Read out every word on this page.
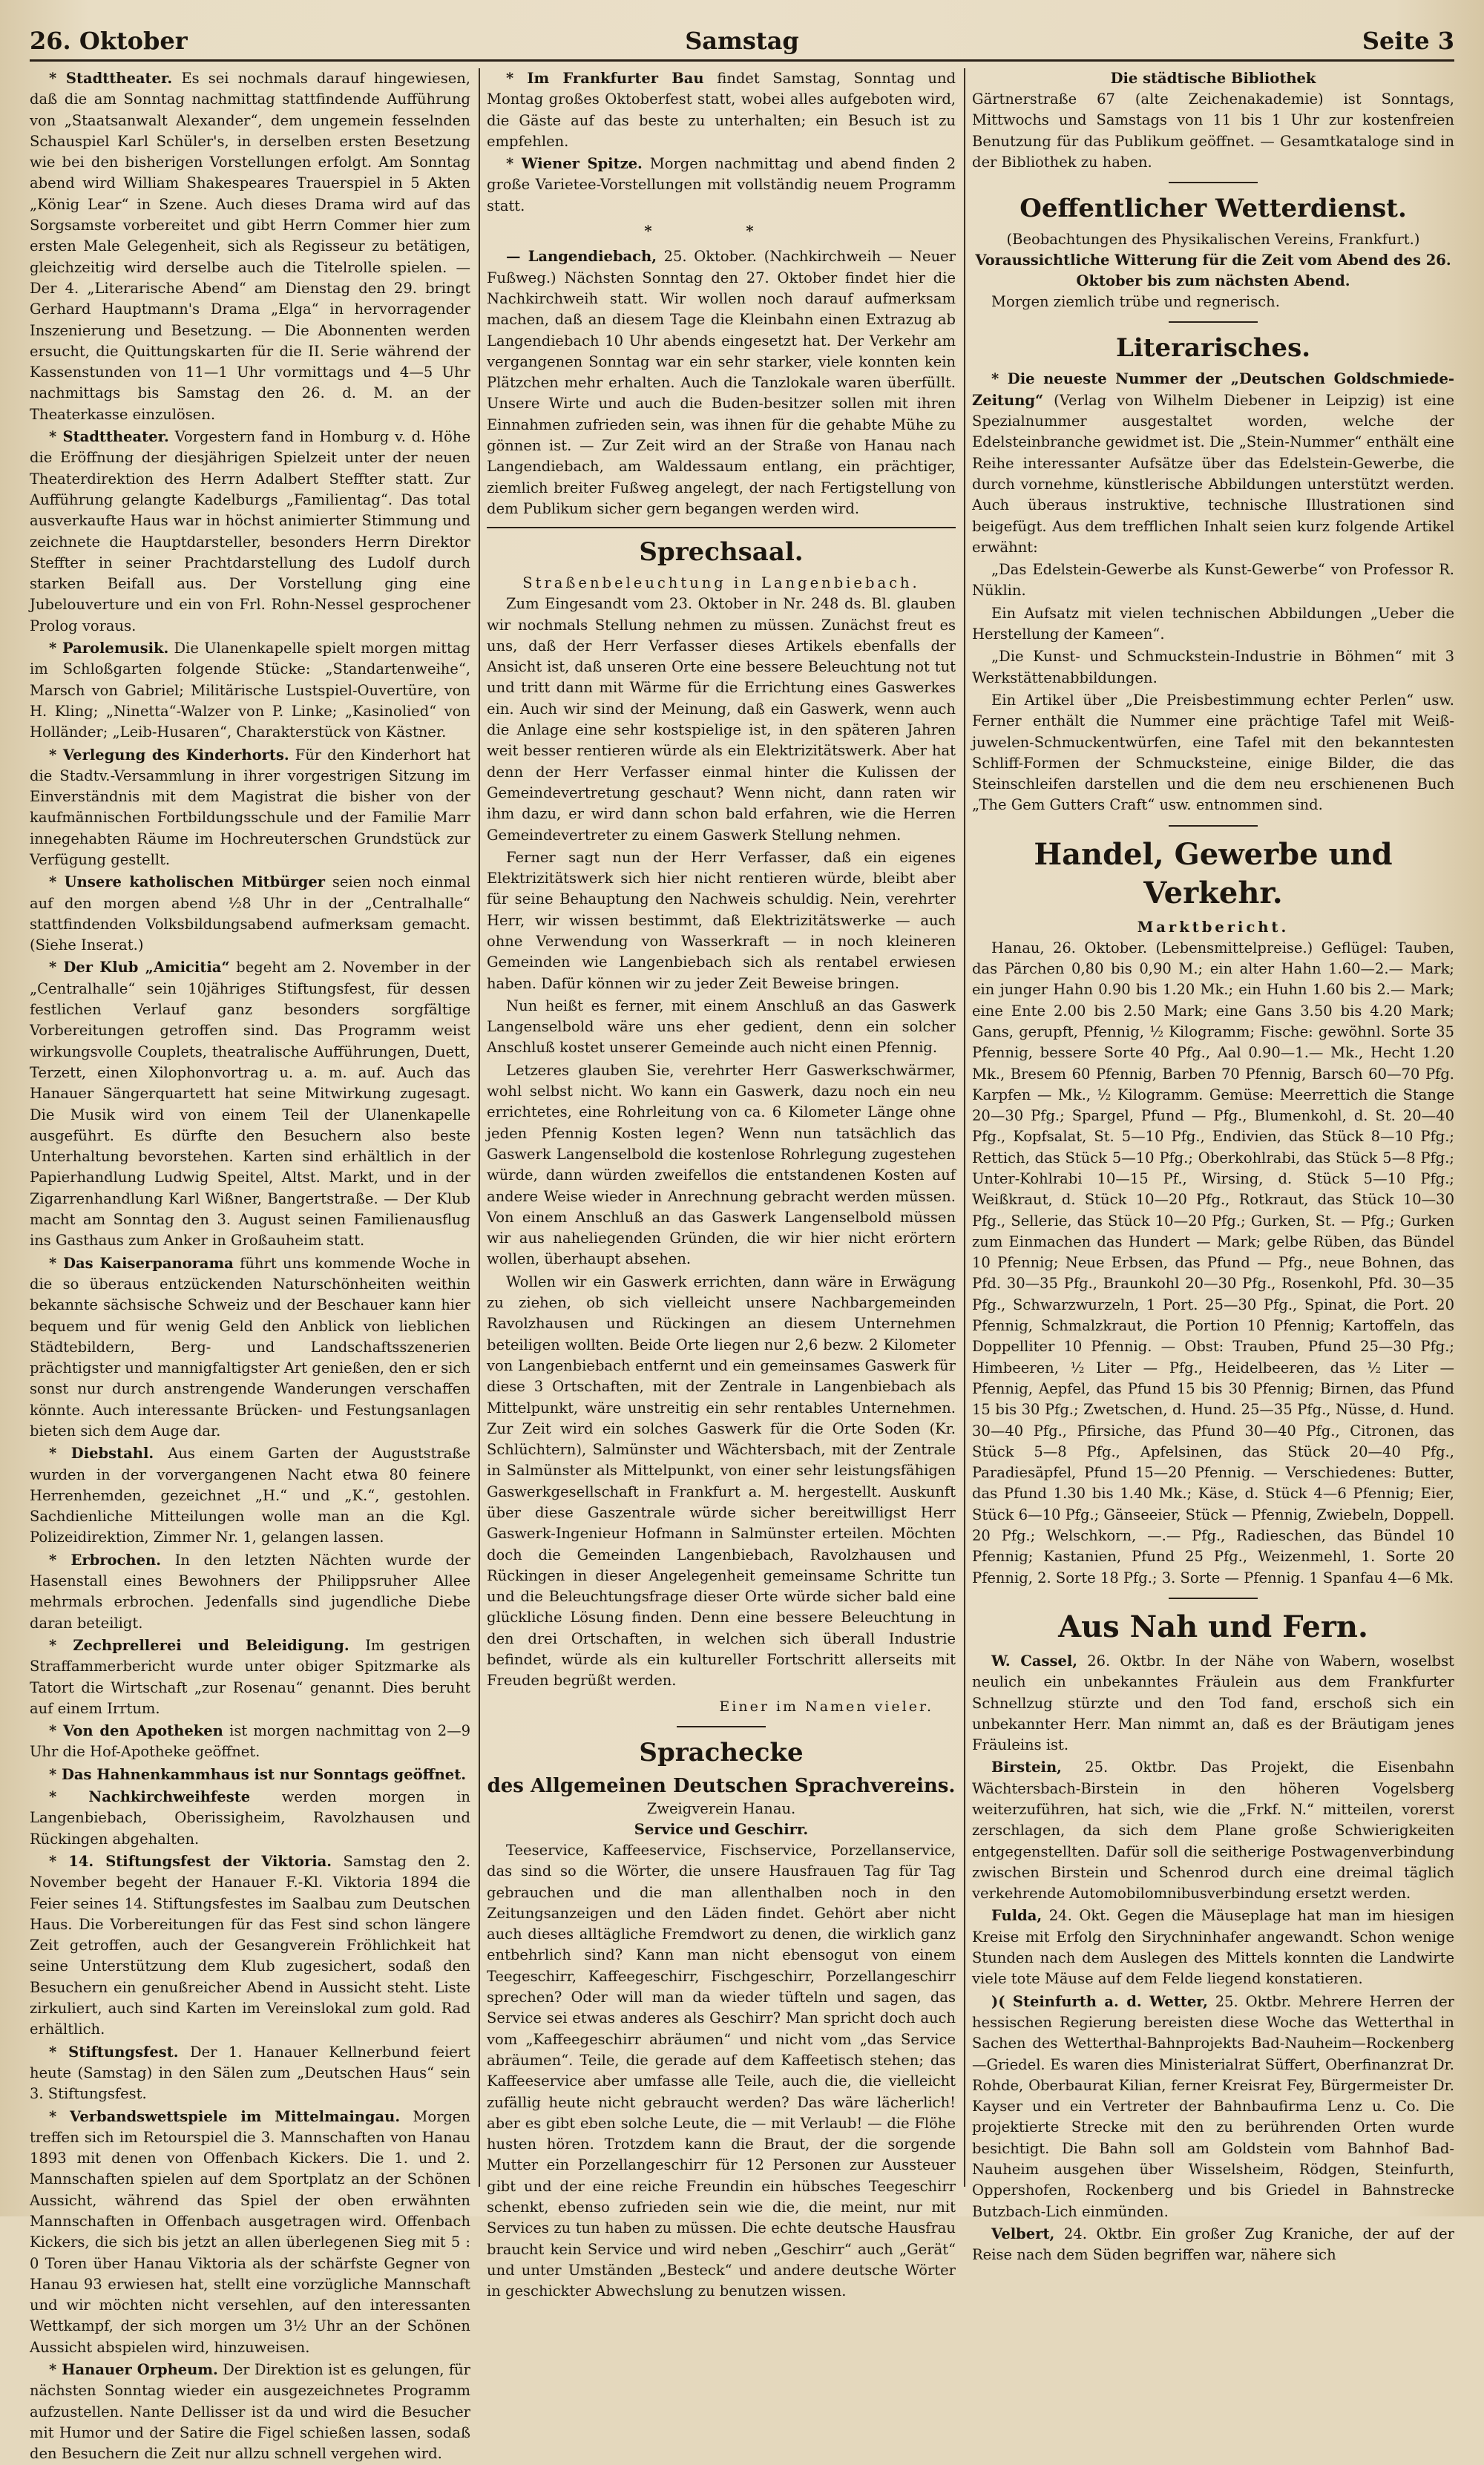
26. Oktober	Samstag	Seite 3

* Stadttheater. Es sei nochmals darauf hingewiesen, daß die am Sonntag nachmittag stattfindende Aufführung von „Staatsanwalt Alexander“, dem ungemein fesselnden Schauspiel Karl Schüler's, in derselben ersten Besetzung wie bei den bisherigen Vorstellungen erfolgt. Am Sonntag abend wird William Shakespeares Trauerspiel in 5 Akten „König Lear“ in Szene. Auch dieses Drama wird auf das Sorgsamste vorbereitet und gibt Herrn Commer hier zum ersten Male Gelegenheit, sich als Regisseur zu betätigen, gleichzeitig wird derselbe auch die Titelrolle spielen. — Der 4. „Literarische Abend“ am Dienstag den 29. bringt Gerhard Hauptmann's Drama „Elga“ in hervorragender Inszenierung und Besetzung. — Die Abonnenten werden ersucht, die Quittungskarten für die II. Serie während der Kassenstunden von 11—1 Uhr vormittags und 4—5 Uhr nachmittags bis Samstag den 26. d. M. an der Theaterkasse einzulösen.

* Stadttheater. Vorgestern fand in Homburg v. d. Höhe die Eröffnung der diesjährigen Spielzeit unter der neuen Theaterdirektion des Herrn Adalbert Steffter statt. Zur Aufführung gelangte Kadelburgs „Familientag“. Das total ausverkaufte Haus war in höchst animierter Stimmung und zeichnete die Hauptdarsteller, besonders Herrn Direktor Steffter in seiner Prachtdarstellung des Ludolf durch starken Beifall aus. Der Vorstellung ging eine Jubelouverture und ein von Frl. Rohn-Nessel gesprochener Prolog voraus.

* Parolemusik. Die Ulanenkapelle spielt morgen mittag im Schloßgarten folgende Stücke: „Standartenweihe“, Marsch von Gabriel; Militärische Lustspiel-Ouvertüre, von H. Kling; „Ninetta“-Walzer von P. Linke; „Kasinolied“ von Holländer; „Leib-Husaren“, Charakterstück von Kästner.

* Verlegung des Kinderhorts. Für den Kinderhort hat die Stadtv.-Versammlung in ihrer vorgestrigen Sitzung im Einverständnis mit dem Magistrat die bisher von der kaufmännischen Fortbildungsschule und der Familie Marr innegehabten Räume im Hochreuterschen Grundstück zur Verfügung gestellt.

* Unsere katholischen Mitbürger seien noch einmal auf den morgen abend ½8 Uhr in der „Centralhalle“ stattfindenden Volksbildungsabend aufmerksam gemacht. (Siehe Inserat.)

* Der Klub „Amicitia“ begeht am 2. November in der „Centralhalle“ sein 10jähriges Stiftungsfest, für dessen festlichen Verlauf ganz besonders sorgfältige Vorbereitungen getroffen sind. Das Programm weist wirkungsvolle Couplets, theatralische Aufführungen, Duett, Terzett, einen Xilophonvortrag u. a. m. auf. Auch das Hanauer Sängerquartett hat seine Mitwirkung zugesagt. Die Musik wird von einem Teil der Ulanenkapelle ausgeführt. Es dürfte den Besuchern also beste Unterhaltung bevorstehen. Karten sind erhältlich in der Papierhandlung Ludwig Speitel, Altst. Markt, und in der Zigarrenhandlung Karl Wißner, Bangertstraße. — Der Klub macht am Sonntag den 3. August seinen Familienausflug ins Gasthaus zum Anker in Großauheim statt.

* Das Kaiserpanorama führt uns kommende Woche in die so überaus entzückenden Naturschönheiten weithin bekannte sächsische Schweiz und der Beschauer kann hier bequem und für wenig Geld den Anblick von lieblichen Städtebildern, Berg- und Landschaftsszenerien prächtigster und mannigfaltigster Art genießen, den er sich sonst nur durch anstrengende Wanderungen verschaffen könnte. Auch interessante Brücken- und Festungsanlagen bieten sich dem Auge dar.

* Diebstahl. Aus einem Garten der Auguststraße wurden in der vorvergangenen Nacht etwa 80 feinere Herrenhemden, gezeichnet „H.“ und „K.“, gestohlen. Sachdienliche Mitteilungen wolle man an die Kgl. Polizeidirektion, Zimmer Nr. 1, gelangen lassen.

* Erbrochen. In den letzten Nächten wurde der Hasenstall eines Bewohners der Philippsruher Allee mehrmals erbrochen. Jedenfalls sind jugendliche Diebe daran beteiligt.

* Zechprellerei und Beleidigung. Im gestrigen Straffammerbericht wurde unter obiger Spitzmarke als Tatort die Wirtschaft „zur Rosenau“ genannt. Dies beruht auf einem Irrtum.

* Von den Apotheken ist morgen nachmittag von 2—9 Uhr die Hof-Apotheke geöffnet.

* Das Hahnenkammhaus ist nur Sonntags geöffnet.

* Nachkirchweihfeste werden morgen in Langenbiebach, Oberissigheim, Ravolzhausen und Rückingen abgehalten.

* 14. Stiftungsfest der Viktoria. Samstag den 2. November begeht der Hanauer F.-Kl. Viktoria 1894 die Feier seines 14. Stiftungsfestes im Saalbau zum Deutschen Haus. Die Vorbereitungen für das Fest sind schon längere Zeit getroffen, auch der Gesangverein Fröhlichkeit hat seine Unterstützung dem Klub zugesichert, sodaß den Besuchern ein genußreicher Abend in Aussicht steht. Liste zirkuliert, auch sind Karten im Vereinslokal zum gold. Rad erhältlich.

* Stiftungsfest. Der 1. Hanauer Kellnerbund feiert heute (Samstag) in den Sälen zum „Deutschen Haus“ sein 3. Stiftungsfest.

* Verbandswettspiele im Mittelmaingau. Morgen treffen sich im Retourspiel die 3. Mannschaften von Hanau 1893 mit denen von Offenbach Kickers. Die 1. und 2. Mannschaften spielen auf dem Sportplatz an der Schönen Aussicht, während das Spiel der oben erwähnten Mannschaften in Offenbach ausgetragen wird. Offenbach Kickers, die sich bis jetzt an allen überlegenen Sieg mit 5 : 0 Toren über Hanau Viktoria als der schärfste Gegner von Hanau 93 erwiesen hat, stellt eine vorzügliche Mannschaft und wir möchten nicht versehlen, auf den interessanten Wettkampf, der sich morgen um 3½ Uhr an der Schönen Aussicht abspielen wird, hinzuweisen.

* Hanauer Orpheum. Der Direktion ist es gelungen, für nächsten Sonntag wieder ein ausgezeichnetes Programm aufzustellen. Nante Dellisser ist da und wird die Besucher mit Humor und der Satire die Figel schießen lassen, sodaß den Besuchern die Zeit nur allzu schnell vergehen wird.

* Im Frankfurter Bau findet Samstag, Sonntag und Montag großes Oktoberfest statt, wobei alles aufgeboten wird, die Gäste auf das beste zu unterhalten; ein Besuch ist zu empfehlen.

* Wiener Spitze. Morgen nachmittag und abend finden 2 große Varietee-Vorstellungen mit vollständig neuem Programm statt.

* *

— Langendiebach, 25. Oktober. (Nachkirchweih — Neuer Fußweg.) Nächsten Sonntag den 27. Oktober findet hier die Nachkirchweih statt. Wir wollen noch darauf aufmerksam machen, daß an diesem Tage die Kleinbahn einen Extrazug ab Langendiebach 10 Uhr abends eingesetzt hat. Der Verkehr am vergangenen Sonntag war ein sehr starker, viele konnten kein Plätzchen mehr erhalten. Auch die Tanzlokale waren überfüllt. Unsere Wirte und auch die Buden-besitzer sollen mit ihren Einnahmen zufrieden sein, was ihnen für die gehabte Mühe zu gönnen ist. — Zur Zeit wird an der Straße von Hanau nach Langendiebach, am Waldessaum entlang, ein prächtiger, ziemlich breiter Fußweg angelegt, der nach Fertigstellung von dem Publikum sicher gern begangen werden wird.

Sprechsaal.

Straßenbeleuchtung in Langenbiebach.

Zum Eingesandt vom 23. Oktober in Nr. 248 ds. Bl. glauben wir nochmals Stellung nehmen zu müssen. Zunächst freut es uns, daß der Herr Verfasser dieses Artikels ebenfalls der Ansicht ist, daß unseren Orte eine bessere Beleuchtung not tut und tritt dann mit Wärme für die Errichtung eines Gaswerkes ein. Auch wir sind der Meinung, daß ein Gaswerk, wenn auch die Anlage eine sehr kostspielige ist, in den späteren Jahren weit besser rentieren würde als ein Elektrizitätswerk. Aber hat denn der Herr Verfasser einmal hinter die Kulissen der Gemeindevertretung geschaut? Wenn nicht, dann raten wir ihm dazu, er wird dann schon bald erfahren, wie die Herren Gemeindevertreter zu einem Gaswerk Stellung nehmen.

Ferner sagt nun der Herr Verfasser, daß ein eigenes Elektrizitätswerk sich hier nicht rentieren würde, bleibt aber für seine Behauptung den Nachweis schuldig. Nein, verehrter Herr, wir wissen bestimmt, daß Elektrizitätswerke — auch ohne Verwendung von Wasserkraft — in noch kleineren Gemeinden wie Langenbiebach sich als rentabel erwiesen haben. Dafür können wir zu jeder Zeit Beweise bringen.

Nun heißt es ferner, mit einem Anschluß an das Gaswerk Langenselbold wäre uns eher gedient, denn ein solcher Anschluß kostet unserer Gemeinde auch nicht einen Pfennig.

Letzeres glauben Sie, verehrter Herr Gaswerkschwärmer, wohl selbst nicht. Wo kann ein Gaswerk, dazu noch ein neu errichtetes, eine Rohrleitung von ca. 6 Kilometer Länge ohne jeden Pfennig Kosten legen? Wenn nun tatsächlich das Gaswerk Langenselbold die kostenlose Rohrlegung zugestehen würde, dann würden zweifellos die entstandenen Kosten auf andere Weise wieder in Anrechnung gebracht werden müssen. Von einem Anschluß an das Gaswerk Langenselbold müssen wir aus naheliegenden Gründen, die wir hier nicht erörtern wollen, überhaupt absehen.

Wollen wir ein Gaswerk errichten, dann wäre in Erwägung zu ziehen, ob sich vielleicht unsere Nachbargemeinden Ravolzhausen und Rückingen an diesem Unternehmen beteiligen wollten. Beide Orte liegen nur 2,6 bezw. 2 Kilometer von Langenbiebach entfernt und ein gemeinsames Gaswerk für diese 3 Ortschaften, mit der Zentrale in Langenbiebach als Mittelpunkt, wäre unstreitig ein sehr rentables Unternehmen. Zur Zeit wird ein solches Gaswerk für die Orte Soden (Kr. Schlüchtern), Salmünster und Wächtersbach, mit der Zentrale in Salmünster als Mittelpunkt, von einer sehr leistungsfähigen Gaswerkgesellschaft in Frankfurt a. M. hergestellt. Auskunft über diese Gaszentrale würde sicher bereitwilligst Herr Gaswerk-Ingenieur Hofmann in Salmünster erteilen. Möchten doch die Gemeinden Langenbiebach, Ravolzhausen und Rückingen in dieser Angelegenheit gemeinsame Schritte tun und die Beleuchtungsfrage dieser Orte würde sicher bald eine glückliche Lösung finden. Denn eine bessere Beleuchtung in den drei Ortschaften, in welchen sich überall Industrie befindet, würde als ein kultureller Fortschritt allerseits mit Freuden begrüßt werden.

Einer im Namen vieler.
Sprachecke

des Allgemeinen Deutschen Sprachvereins.

Zweigverein Hanau.

Service und Geschirr.

Teeservice, Kaffeeservice, Fischservice, Porzellanservice, das sind so die Wörter, die unsere Hausfrauen Tag für Tag gebrauchen und die man allenthalben noch in den Zeitungsanzeigen und den Läden findet. Gehört aber nicht auch dieses alltägliche Fremdwort zu denen, die wirklich ganz entbehrlich sind? Kann man nicht ebensogut von einem Teegeschirr, Kaffeegeschirr, Fischgeschirr, Porzellangeschirr sprechen? Oder will man da wieder tüfteln und sagen, das Service sei etwas anderes als Geschirr? Man spricht doch auch vom „Kaffeegeschirr abräumen“ und nicht vom „das Service abräumen“. Teile, die gerade auf dem Kaffeetisch stehen; das Kaffeeservice aber umfasse alle Teile, auch die, die vielleicht zufällig heute nicht gebraucht werden? Das wäre lächerlich! aber es gibt eben solche Leute, die — mit Verlaub! — die Flöhe husten hören. Trotzdem kann die Braut, der die sorgende Mutter ein Porzellangeschirr für 12 Personen zur Aussteuer gibt und der eine reiche Freundin ein hübsches Teegeschirr schenkt, ebenso zufrieden sein wie die, die meint, nur mit Services zu tun haben zu müssen. Die echte deutsche Hausfrau braucht kein Service und wird neben „Geschirr“ auch „Gerät“ und unter Umständen „Besteck“ und andere deutsche Wörter in geschickter Abwechslung zu benutzen wissen.

Die städtische Bibliothek

Gärtnerstraße 67 (alte Zeichenakademie) ist Sonntags, Mittwochs und Samstags von 11 bis 1 Uhr zur kostenfreien Benutzung für das Publikum geöffnet. — Gesamtkataloge sind in der Bibliothek zu haben.

Oeffentlicher Wetterdienst.

(Beobachtungen des Physikalischen Vereins, Frankfurt.)

Voraussichtliche Witterung für die Zeit vom Abend des 26. Oktober bis zum nächsten Abend.

Morgen ziemlich trübe und regnerisch.

Literarisches.

* Die neueste Nummer der „Deutschen Goldschmiede-Zeitung“ (Verlag von Wilhelm Diebener in Leipzig) ist eine Spezialnummer ausgestaltet worden, welche der Edelsteinbranche gewidmet ist. Die „Stein-Nummer“ enthält eine Reihe interessanter Aufsätze über das Edelstein-Gewerbe, die durch vornehme, künstlerische Abbildungen unterstützt werden. Auch überaus instruktive, technische Illustrationen sind beigefügt. Aus dem trefflichen Inhalt seien kurz folgende Artikel erwähnt:

„Das Edelstein-Gewerbe als Kunst-Gewerbe“ von Professor R. Nüklin.

Ein Aufsatz mit vielen technischen Abbildungen „Ueber die Herstellung der Kameen“.

„Die Kunst- und Schmuckstein-Industrie in Böhmen“ mit 3 Werkstättenabbildungen.

Ein Artikel über „Die Preisbestimmung echter Perlen“ usw. Ferner enthält die Nummer eine prächtige Tafel mit Weiß-juwelen-Schmuckentwürfen, eine Tafel mit den bekanntesten Schliff-Formen der Schmucksteine, einige Bilder, die das Steinschleifen darstellen und die dem neu erschienenen Buch „The Gem Gutters Craft“ usw. entnommen sind.

Handel, Gewerbe und Verkehr.

Marktbericht.

Hanau, 26. Oktober. (Lebensmittelpreise.) Geflügel: Tauben, das Pärchen 0,80 bis 0,90 M.; ein alter Hahn 1.60—2.— Mark; ein junger Hahn 0.90 bis 1.20 Mk.; ein Huhn 1.60 bis 2.— Mark; eine Ente 2.00 bis 2.50 Mark; eine Gans 3.50 bis 4.20 Mark; Gans, gerupft, Pfennig, ½ Kilogramm; Fische: gewöhnl. Sorte 35 Pfennig, bessere Sorte 40 Pfg., Aal 0.90—1.— Mk., Hecht 1.20 Mk., Bresem 60 Pfennig, Barben 70 Pfennig, Barsch 60—70 Pfg. Karpfen — Mk., ½ Kilogramm. Gemüse: Meerrettich die Stange 20—30 Pfg.; Spargel, Pfund — Pfg., Blumenkohl, d. St. 20—40 Pfg., Kopfsalat, St. 5—10 Pfg., Endivien, das Stück 8—10 Pfg.; Rettich, das Stück 5—10 Pfg.; Oberkohlrabi, das Stück 5—8 Pfg.; Unter-Kohlrabi 10—15 Pf., Wirsing, d. Stück 5—10 Pfg.; Weißkraut, d. Stück 10—20 Pfg., Rotkraut, das Stück 10—30 Pfg., Sellerie, das Stück 10—20 Pfg.; Gurken, St. — Pfg.; Gurken zum Einmachen das Hundert — Mark; gelbe Rüben, das Bündel 10 Pfennig; Neue Erbsen, das Pfund — Pfg., neue Bohnen, das Pfd. 30—35 Pfg., Braunkohl 20—30 Pfg., Rosenkohl, Pfd. 30—35 Pfg., Schwarzwurzeln, 1 Port. 25—30 Pfg., Spinat, die Port. 20 Pfennig, Schmalzkraut, die Portion 10 Pfennig; Kartoffeln, das Doppelliter 10 Pfennig. — Obst: Trauben, Pfund 25—30 Pfg.; Himbeeren, ½ Liter — Pfg., Heidelbeeren, das ½ Liter — Pfennig, Aepfel, das Pfund 15 bis 30 Pfennig; Birnen, das Pfund 15 bis 30 Pfg.; Zwetschen, d. Hund. 25—35 Pfg., Nüsse, d. Hund. 30—40 Pfg., Pfirsiche, das Pfund 30—40 Pfg., Citronen, das Stück 5—8 Pfg., Apfelsinen, das Stück 20—40 Pfg., Paradiesäpfel, Pfund 15—20 Pfennig. — Verschiedenes: Butter, das Pfund 1.30 bis 1.40 Mk.; Käse, d. Stück 4—6 Pfennig; Eier, Stück 6—10 Pfg.; Gänseeier, Stück — Pfennig, Zwiebeln, Doppell. 20 Pfg.; Welschkorn, —.— Pfg., Radieschen, das Bündel 10 Pfennig; Kastanien, Pfund 25 Pfg., Weizenmehl, 1. Sorte 20 Pfennig, 2. Sorte 18 Pfg.; 3. Sorte — Pfennig. 1 Spanfau 4—6 Mk.

Aus Nah und Fern.

W. Cassel, 26. Oktbr. In der Nähe von Wabern, woselbst neulich ein unbekanntes Fräulein aus dem Frankfurter Schnellzug stürzte und den Tod fand, erschoß sich ein unbekannter Herr. Man nimmt an, daß es der Bräutigam jenes Fräuleins ist.

Birstein, 25. Oktbr. Das Projekt, die Eisenbahn Wächtersbach-Birstein in den höheren Vogelsberg weiterzuführen, hat sich, wie die „Frkf. N.“ mitteilen, vorerst zerschlagen, da sich dem Plane große Schwierigkeiten entgegenstellten. Dafür soll die seitherige Postwagenverbindung zwischen Birstein und Schenrod durch eine dreimal täglich verkehrende Automobilomnibusverbindung ersetzt werden.

Fulda, 24. Okt. Gegen die Mäuseplage hat man im hiesigen Kreise mit Erfolg den Sirychninhafer angewandt. Schon wenige Stunden nach dem Auslegen des Mittels konnten die Landwirte viele tote Mäuse auf dem Felde liegend konstatieren.

)( Steinfurth a. d. Wetter, 25. Oktbr. Mehrere Herren der hessischen Regierung bereisten diese Woche das Wetterthal in Sachen des Wetterthal-Bahnprojekts Bad-Nauheim—Rockenberg—Griedel. Es waren dies Ministerialrat Süffert, Oberfinanzrat Dr. Rohde, Oberbaurat Kilian, ferner Kreisrat Fey, Bürgermeister Dr. Kayser und ein Vertreter der Bahnbaufirma Lenz u. Co. Die projektierte Strecke mit den zu berührenden Orten wurde besichtigt. Die Bahn soll am Goldstein vom Bahnhof Bad-Nauheim ausgehen über Wisselsheim, Rödgen, Steinfurth, Oppershofen, Rockenberg und bis Griedel in Bahnstrecke Butzbach-Lich einmünden.

Velbert, 24. Oktbr. Ein großer Zug Kraniche, der auf der Reise nach dem Süden begriffen war, nähere sich
